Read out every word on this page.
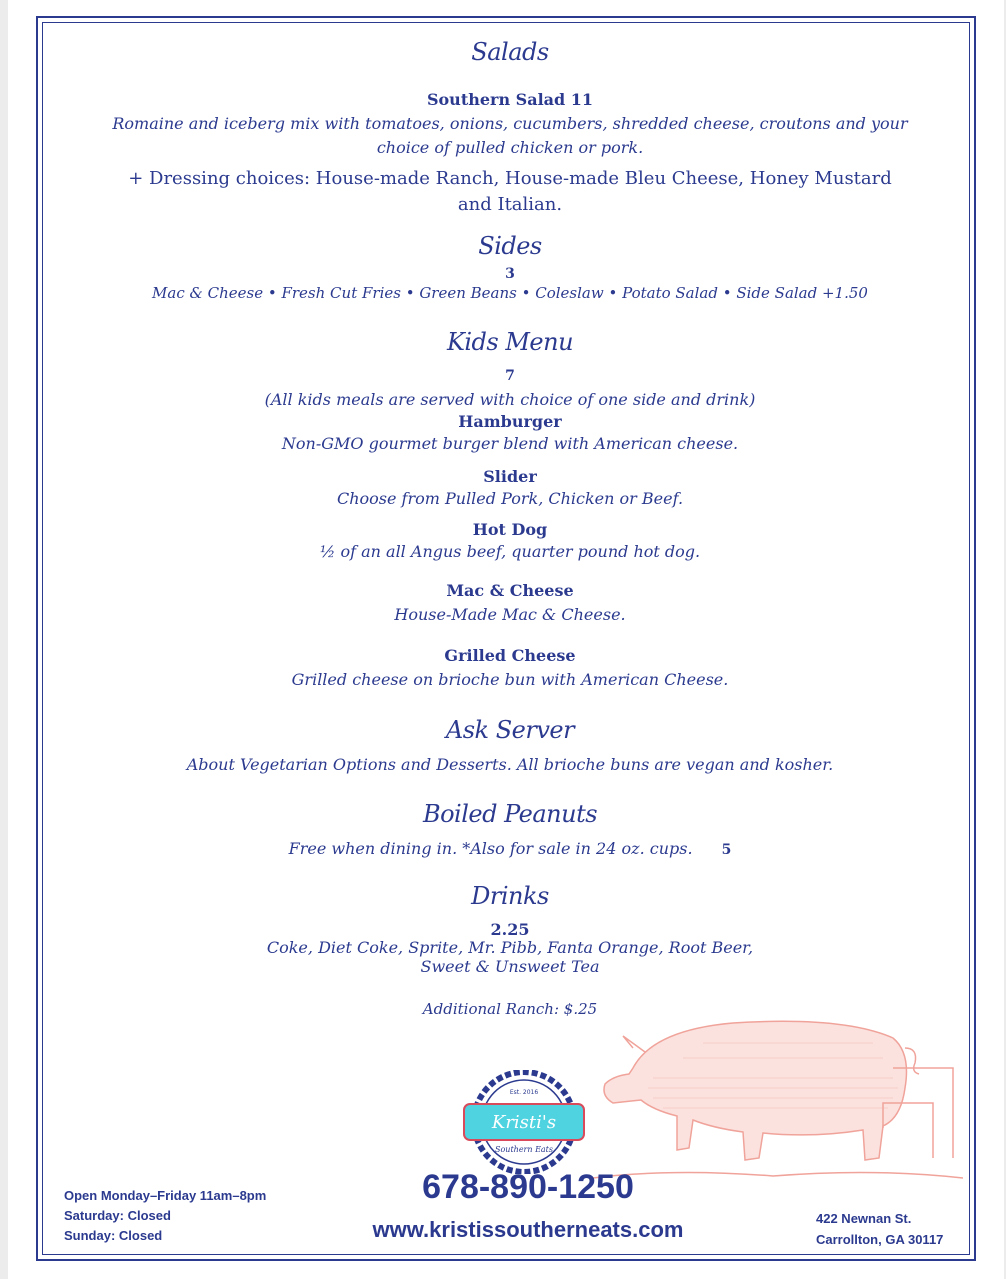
Salads
Southern Salad 11
Romaine and iceberg mix with tomatoes, onions, cucumbers, shredded cheese, croutons and your
choice of pulled chicken or pork.
+ Dressing choices: House-made Ranch, House-made Bleu Cheese, Honey Mustard
and Italian.
Sides
3
Mac & Cheese • Fresh Cut Fries • Green Beans • Coleslaw • Potato Salad • Side Salad +1.50
Kids Menu
7
(All kids meals are served with choice of one side and drink)
Hamburger
Non-GMO gourmet burger blend with American cheese.
Slider
Choose from Pulled Pork, Chicken or Beef.
Hot Dog
½ of an all Angus beef, quarter pound hot dog.
Mac & Cheese
House-Made Mac & Cheese.
Grilled Cheese
Grilled cheese on brioche bun with American Cheese.
Ask Server
About Vegetarian Options and Desserts. All brioche buns are vegan and kosher.
Boiled Peanuts
Free when dining in. *Also for sale in 24 oz. cups. 5
Drinks
2.25
Coke, Diet Coke, Sprite, Mr. Pibb, Fanta Orange, Root Beer,
Sweet & Unsweet Tea
Additional Ranch: $.25
Kristi's
Est. 2016
Southern Eats
Open Monday–Friday 11am–8pm
Saturday: Closed
Sunday: Closed
678-890-1250
www.kristissoutherneats.com	422 Newnan St.
Carrollton, GA 30117
